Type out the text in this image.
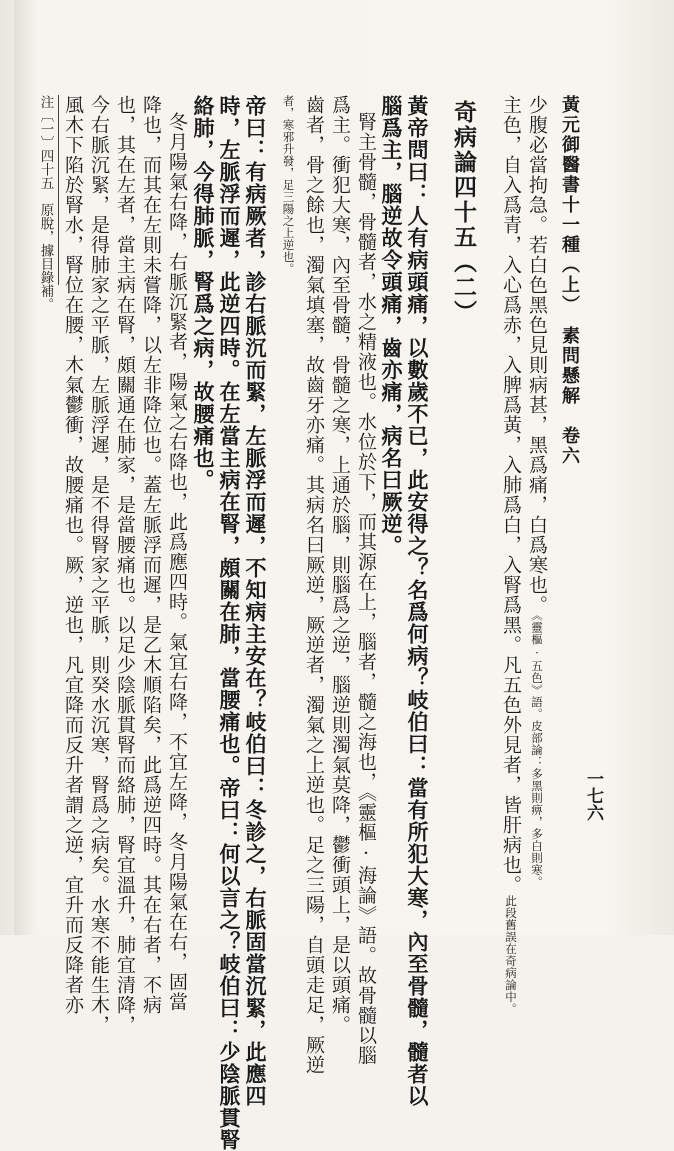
黃元御醫書十一種（上）　素問懸解　卷六
一七六
少腹必當拘急。若白色黑色見則病甚，黑爲痛，白爲寒也。《靈樞·五色》語。皮部論：多黑則痹，多白則寒。
主色，自入爲青，入心爲赤，入脾爲黃，入肺爲白，入腎爲黑。凡五色外見者，皆肝病也。此段舊誤在奇病論中。
奇病論四十五（二）
黃帝問曰：人有病頭痛，以數歲不已，此安得之？名爲何病？岐伯曰：當有所犯大寒，內至骨髓，髓者以
腦爲主，腦逆故令頭痛，齒亦痛，病名曰厥逆。
腎主骨髓，骨髓者，水之精液也。水位於下，而其源在上，腦者，髓之海也，《靈樞·海論》語。故骨髓以腦
爲主。衝犯大寒，內至骨髓，骨髓之寒，上通於腦，則腦爲之逆，腦逆則濁氣莫降，鬱衝頭上，是以頭痛。
齒者，骨之餘也，濁氣填塞，故齒牙亦痛。其病名曰厥逆，厥逆者，濁氣之上逆也。足之三陽，自頭走足，厥逆
者，寒邪升發，足三陽之上逆也。
帝曰：有病厥者，診右脈沉而緊，左脈浮而遲，不知病主安在？岐伯曰：冬診之，右脈固當沉緊，此應四
時，左脈浮而遲，此逆四時。在左當主病在腎，頗關在肺，當腰痛也。帝曰：何以言之？岐伯曰：少陰脈貫腎
絡肺，今得肺脈，腎爲之病，故腰痛也。
冬月陽氣右降，右脈沉緊者，陽氣之右降也，此爲應四時。氣宜右降，不宜左降，冬月陽氣在右，固當
降也，而其在左則未嘗降，以左非降位也。蓋左脈浮而遲，是乙木順陷矣，此爲逆四時。其在右者，不病
也，其在左者，當主病在腎，頗關通在肺家，是當腰痛也。以足少陰脈貫腎而絡肺，腎宜溫升，肺宜清降，
今右脈沉緊，是得肺家之平脈，左脈浮遲，是不得腎家之平脈，則癸水沉寒，腎爲之病矣。水寒不能生木，
風木下陷於腎水，腎位在腰，木氣鬱衝，故腰痛也。厥，逆也，凡宜降而反升者謂之逆，宜升而反降者亦
注〔一〕四十五　原脫，據目錄補。
